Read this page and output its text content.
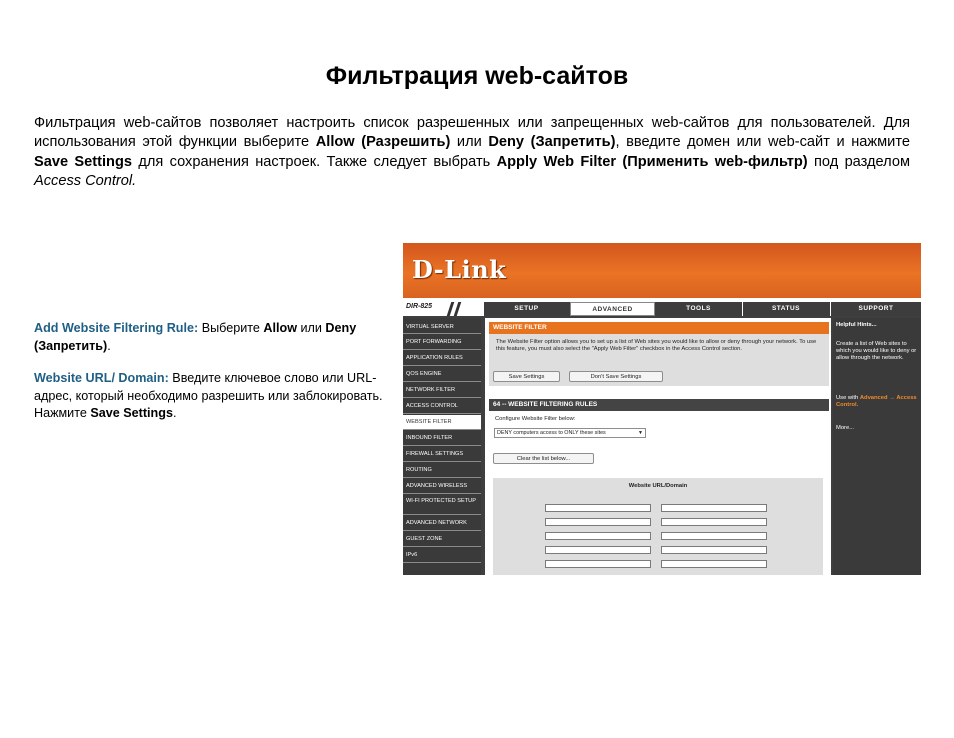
Фильтрация web-сайтов
Фильтрация web-сайтов позволяет настроить список разрешенных или запрещенных web-сайтов для пользователей. Для использования этой функции выберите Allow (Разрешить) или Deny (Запретить), введите домен или web-сайт и нажмите Save Settings для сохранения настроек. Также следует выбрать Apply Web Filter (Применить web-фильтр) под разделом Access Control.
Add Website Filtering Rule: Выберите Allow или Deny (Запретить).
Website URL/ Domain: Введите ключевое слово или URL-адрес, который необходимо разрешить или заблокировать. Нажмите Save Settings.
D-Link
DIR-825	SETUP	ADVANCED	TOOLS	STATUS	SUPPORT
VIRTUAL SERVER
PORT FORWARDING
APPLICATION RULES
QOS ENGINE
NETWORK FILTER
ACCESS CONTROL
WEBSITE FILTER
INBOUND FILTER
FIREWALL SETTINGS
ROUTING
ADVANCED WIRELESS
WI-FI PROTECTED SETUP
ADVANCED NETWORK
GUEST ZONE
IPv6
WEBSITE FILTER
The Website Filter option allows you to set up a list of Web sites you would like to allow or deny through your network. To use this feature, you must also select the "Apply Web Filter" checkbox in the Access Control section.
Save Settings	Don't Save Settings
64 -- WEBSITE FILTERING RULES
Configure Website Filter below:
DENY computers access to ONLY these sites	▼
Clear the list below...
Website URL/Domain
Helpful Hints...
Create a list of Web sites to which you would like to deny or allow through the network.
Use with Advanced → Access Control.
More...
